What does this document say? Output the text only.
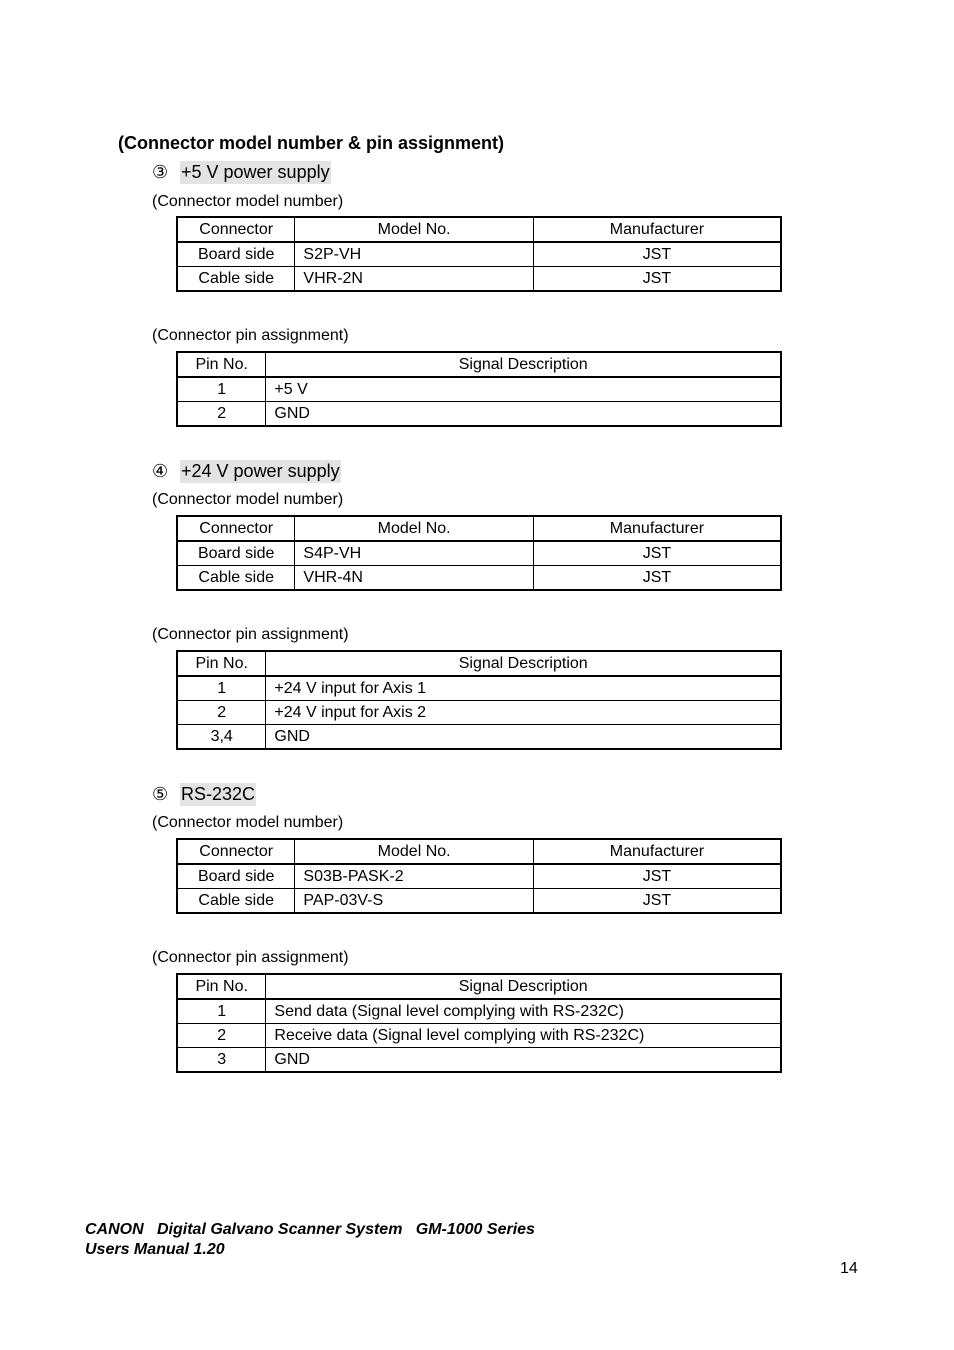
(Connector model number & pin assignment)
③ +5 V power supply
(Connector model number)
Connector	Model No.	Manufacturer
Board side	S2P-VH	JST
Cable side	VHR-2N	JST
(Connector pin assignment)
Pin No.	Signal Description
1	+5 V
2	GND
④ +24 V power supply
(Connector model number)
Connector	Model No.	Manufacturer
Board side	S4P-VH	JST
Cable side	VHR-4N	JST
(Connector pin assignment)
Pin No.	Signal Description
1	+24 V input for Axis 1
2	+24 V input for Axis 2
3,4	GND
⑤ RS-232C
(Connector model number)
Connector	Model No.	Manufacturer
Board side	S03B-PASK-2	JST
Cable side	PAP-03V-S	JST
(Connector pin assignment)
Pin No.	Signal Description
1	Send data (Signal level complying with RS-232C)
2	Receive data (Signal level complying with RS-232C)
3	GND
CANON   Digital Galvano Scanner System   GM-1000 Series
Users Manual 1.20
14
